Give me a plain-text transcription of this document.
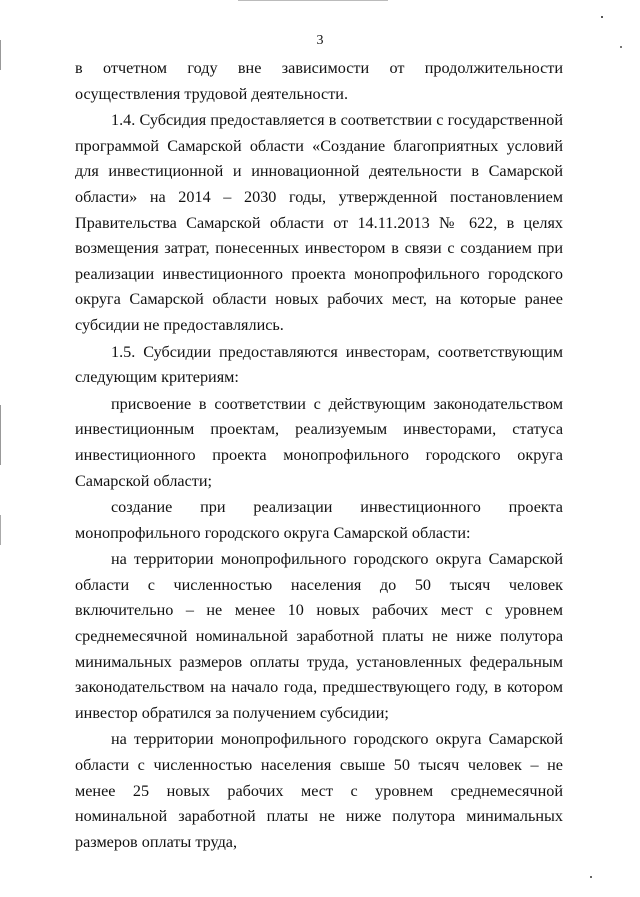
3

в отчетном году вне зависимости от продолжительности осуществления трудовой деятельности.

1.4. Субсидия предоставляется в соответствии с государственной программой Самарской области «Создание благоприятных условий для инвестиционной и инновационной деятельности в Самарской области» на 2014 – 2030 годы, утвержденной постановлением Правительства Самарской области от 14.11.2013 № 622, в целях возмещения затрат, понесенных инвестором в связи с созданием при реализации инвестиционного проекта монопрофильного городского округа Самарской области новых рабочих мест, на которые ранее субсидии не предоставлялись.

1.5. Субсидии предоставляются инвесторам, соответствующим следующим критериям:

присвоение в соответствии с действующим законодательством инвестиционным проектам, реализуемым инвесторами, статуса инвестиционного проекта монопрофильного городского округа Самарской области;

создание при реализации инвестиционного проекта монопрофильного городского округа Самарской области:

на территории монопрофильного городского округа Самарской области с численностью населения до 50 тысяч человек включительно – не менее 10 новых рабочих мест с уровнем среднемесячной номинальной заработной платы не ниже полутора минимальных размеров оплаты труда, установленных федеральным законодательством на начало года, предшествующего году, в котором инвестор обратился за получением субсидии;

на территории монопрофильного городского округа Самарской области с численностью населения свыше 50 тысяч человек – не менее 25 новых рабочих мест с уровнем среднемесячной номинальной заработной платы не ниже полутора минимальных размеров оплаты труда,
